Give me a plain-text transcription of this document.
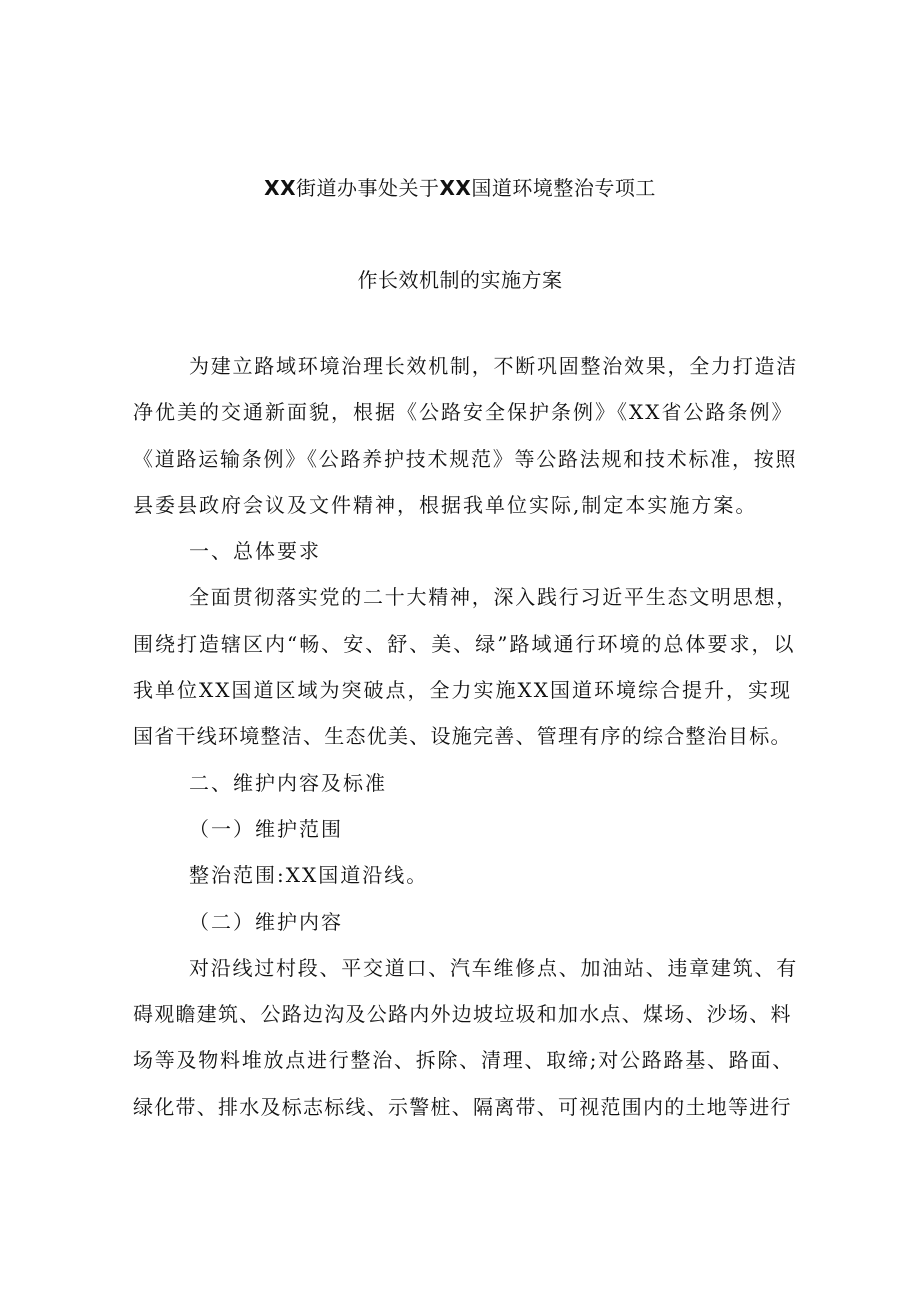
XX街道办事处关于XX国道环境整治专项工
作长效机制的实施方案
为建立路域环境治理长效机制，不断巩固整治效果，全力打造洁
净优美的交通新面貌，根据《公路安全保护条例》《XX省公路条例》
《道路运输条例》《公路养护技术规范》等公路法规和技术标准，按照
县委县政府会议及文件精神，根据我单位实际,制定本实施方案。
一、总体要求
全面贯彻落实党的二十大精神，深入践行习近平生态文明思想，
围绕打造辖区内“畅、安、舒、美、绿”路域通行环境的总体要求，以
我单位XX国道区域为突破点，全力实施XX国道环境综合提升，实现
国省干线环境整洁、生态优美、设施完善、管理有序的综合整治目标。
二、维护内容及标准
（一）维护范围
整治范围:XX国道沿线。
（二）维护内容
对沿线过村段、平交道口、汽车维修点、加油站、违章建筑、有
碍观瞻建筑、公路边沟及公路内外边坡垃圾和加水点、煤场、沙场、料
场等及物料堆放点进行整治、拆除、清理、取缔;对公路路基、路面、
绿化带、排水及标志标线、示警桩、隔离带、可视范围内的土地等进行
